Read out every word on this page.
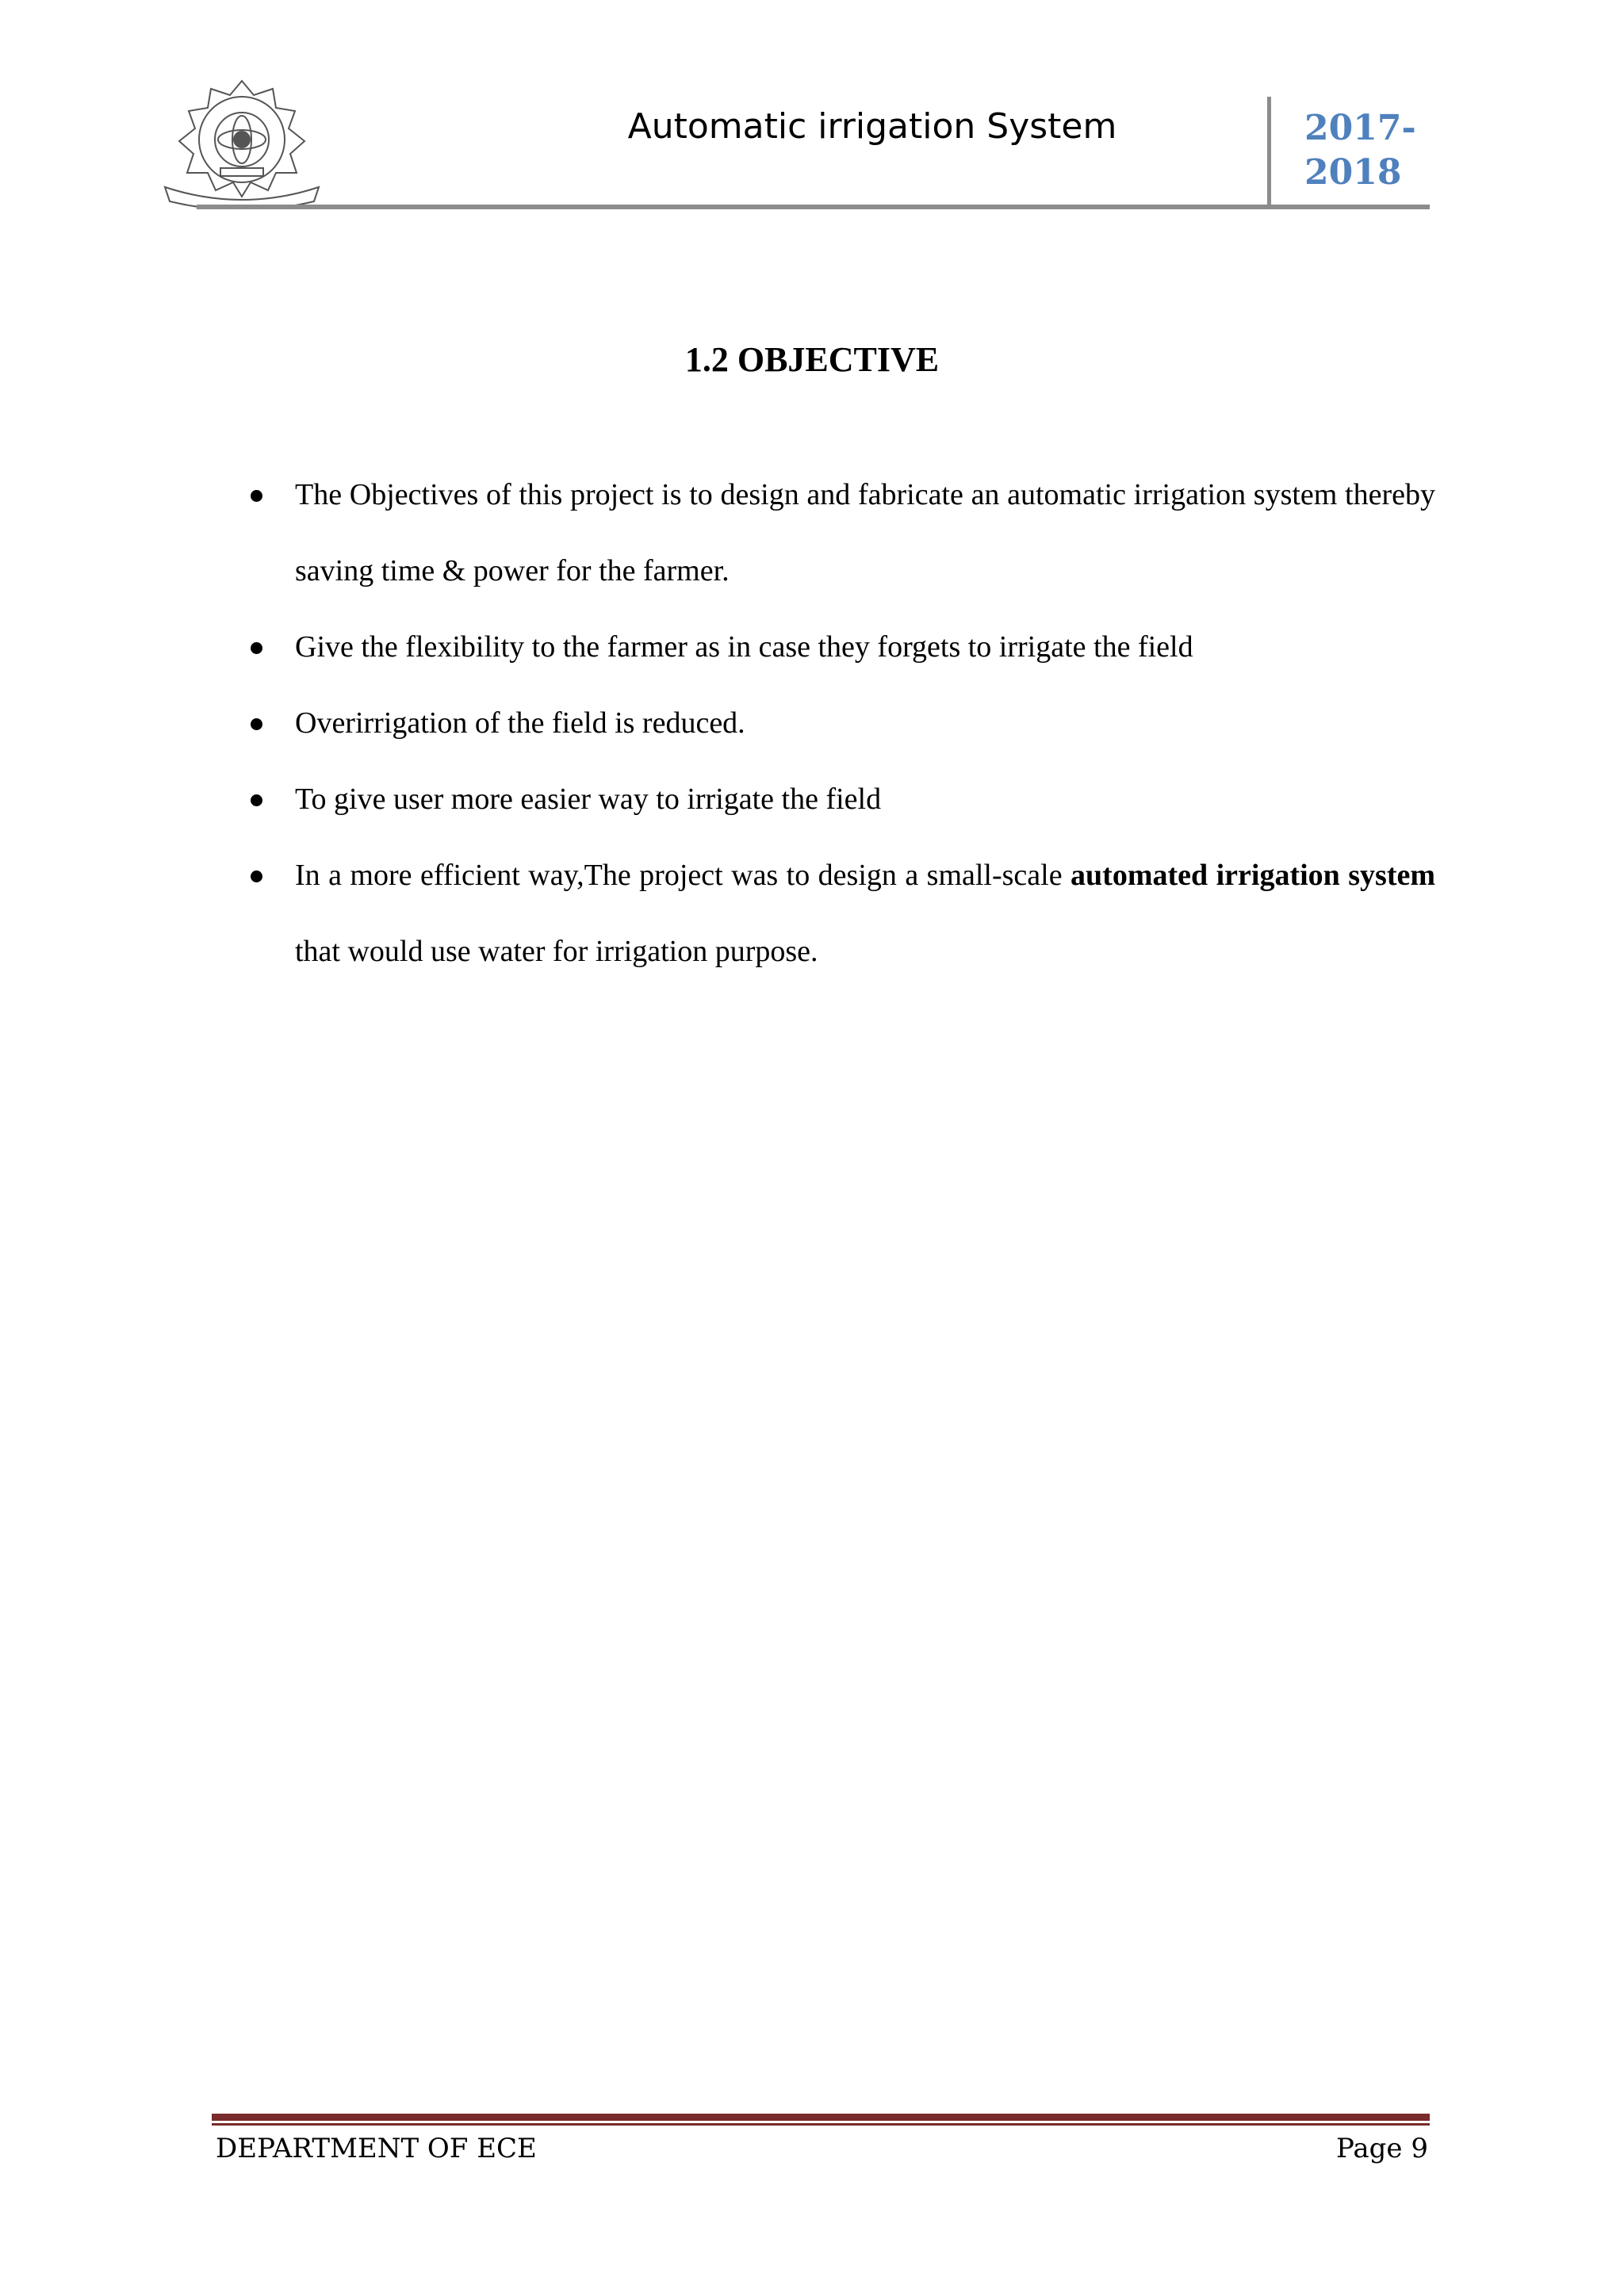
Automatic irrigation System	2017-
2018
1.2 OBJECTIVE
The Objectives of this project is to design and fabricate an automatic irrigation system thereby saving time & power for the farmer.
Give the flexibility to the farmer as in case they forgets to irrigate the field
Overirrigation of the field is reduced.
To give user more easier way to irrigate the field
In a more efficient way,The project was to design a small-scale automated irrigation system that would use water for irrigation purpose.
DEPARTMENT OF ECE	Page 9
